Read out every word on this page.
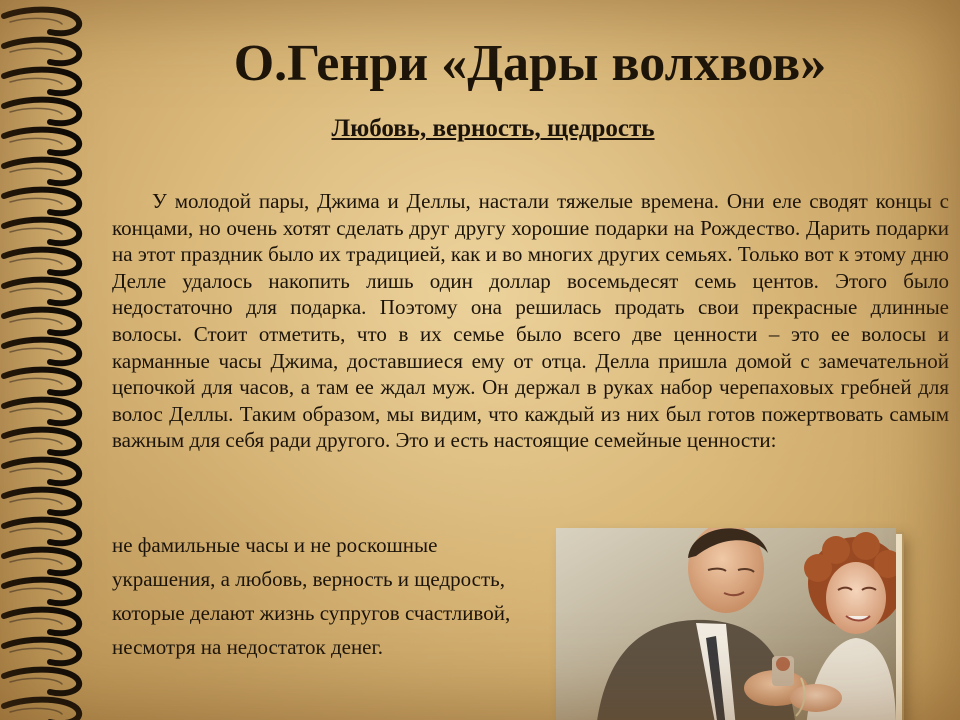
О.Генри «Дары волхвов»
Любовь, верность, щедрость

У молодой пары, Джима и Деллы, настали тяжелые времена. Они еле сводят концы с концами, но очень хотят сделать друг другу хорошие подарки на Рождество. Дарить подарки на этот праздник было их традицией, как и во многих других семьях. Только вот к этому дню Делле удалось накопить лишь один доллар восемьдесят семь центов. Этого было недостаточно для подарка. Поэтому она решилась продать свои прекрасные длинные волосы. Стоит отметить, что в их семье было всего две ценности – это ее волосы и карманные часы Джима, доставшиеся ему от отца. Делла пришла домой с замечательной цепочкой для часов, а там ее ждал муж. Он держал в руках набор черепаховых гребней для волос Деллы. Таким образом, мы видим, что каждый из них был готов пожертвовать самым важным для себя ради другого. Это и есть настоящие семейные ценности:

не фамильные часы и не роскошные украшения, а любовь, верность и щедрость, которые делают жизнь супругов счастливой, несмотря на недостаток денег.
